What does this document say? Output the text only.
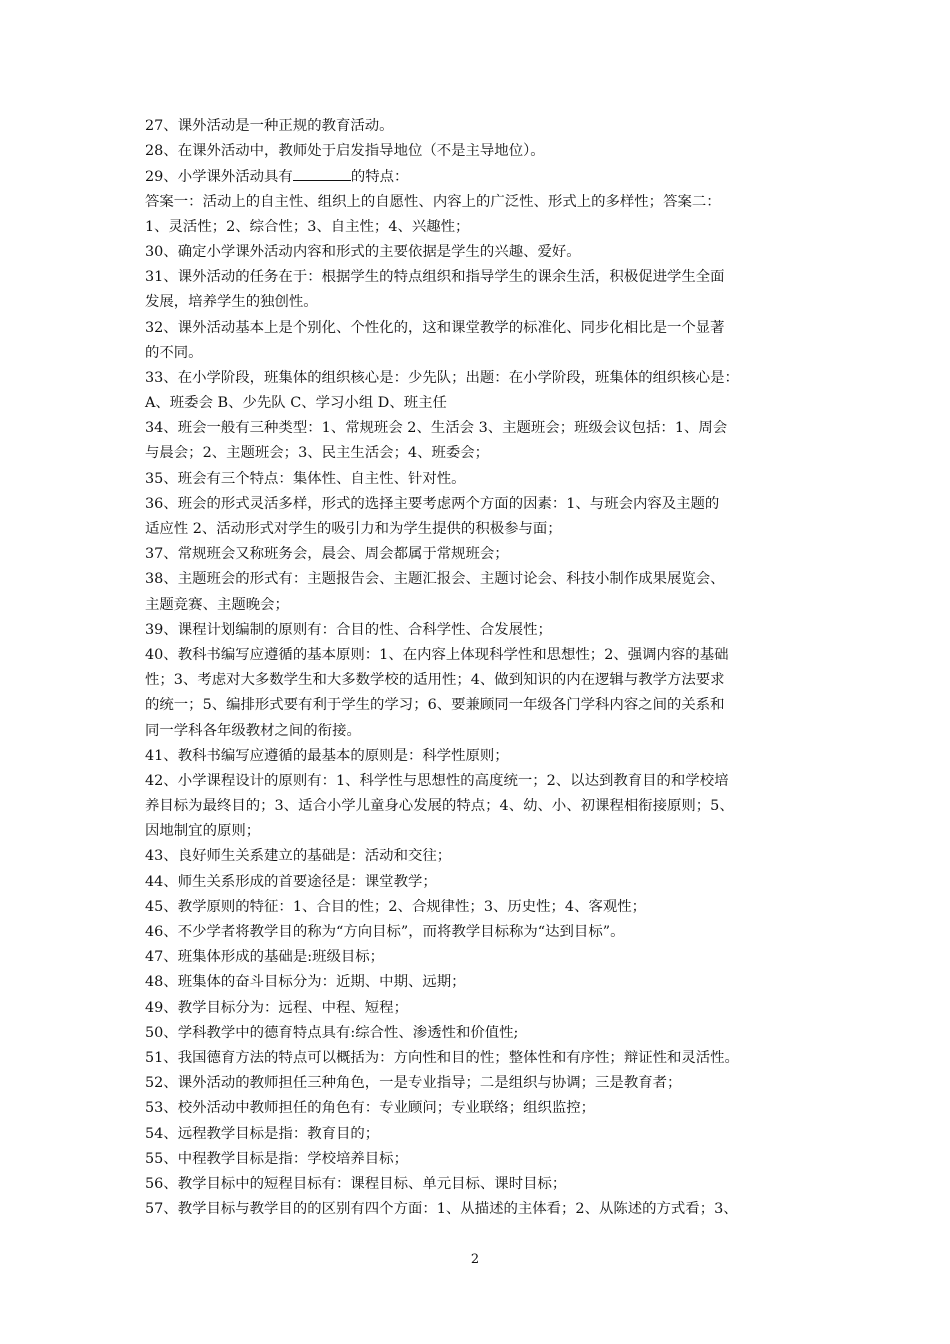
27、课外活动是一种正规的教育活动。
28、在课外活动中，教师处于启发指导地位（不是主导地位）。
29、小学课外活动具有	的特点：
答案一：活动上的自主性、组织上的自愿性、内容上的广泛性、形式上的多样性；答案二：
1、灵活性；2、综合性；3、自主性；4、兴趣性；
30、确定小学课外活动内容和形式的主要依据是学生的兴趣、爱好。
31、课外活动的任务在于：根据学生的特点组织和指导学生的课余生活，积极促进学生全面
发展，培养学生的独创性。
32、课外活动基本上是个别化、个性化的，这和课堂教学的标准化、同步化相比是一个显著
的不同。
33、在小学阶段，班集体的组织核心是：少先队；出题：在小学阶段，班集体的组织核心是：
A、班委会 B、少先队 C、学习小组 D、班主任
34、班会一般有三种类型：1、常规班会 2、生活会 3、主题班会；班级会议包括：1、周会
与晨会；2、主题班会；3、民主生活会；4、班委会；
35、班会有三个特点：集体性、自主性、针对性。
36、班会的形式灵活多样，形式的选择主要考虑两个方面的因素：1、与班会内容及主题的
适应性 2、活动形式对学生的吸引力和为学生提供的积极参与面；
37、常规班会又称班务会，晨会、周会都属于常规班会；
38、主题班会的形式有：主题报告会、主题汇报会、主题讨论会、科技小制作成果展览会、
主题竞赛、主题晚会；
39、课程计划编制的原则有：合目的性、合科学性、合发展性；
40、教科书编写应遵循的基本原则：1、在内容上体现科学性和思想性；2、强调内容的基础
性；3、考虑对大多数学生和大多数学校的适用性；4、做到知识的内在逻辑与教学方法要求
的统一；5、编排形式要有利于学生的学习；6、要兼顾同一年级各门学科内容之间的关系和
同一学科各年级教材之间的衔接。
41、教科书编写应遵循的最基本的原则是：科学性原则；
42、小学课程设计的原则有：1、科学性与思想性的高度统一；2、以达到教育目的和学校培
养目标为最终目的；3、适合小学儿童身心发展的特点；4、幼、小、初课程相衔接原则；5、
因地制宜的原则；
43、良好师生关系建立的基础是：活动和交往；
44、师生关系形成的首要途径是：课堂教学；
45、教学原则的特征：1、合目的性；2、合规律性；3、历史性；4、客观性；
46、不少学者将教学目的称为“方向目标”，而将教学目标称为“达到目标”。
47、班集体形成的基础是:班级目标；
48、班集体的奋斗目标分为：近期、中期、远期；
49、教学目标分为：远程、中程、短程；
50、学科教学中的德育特点具有:综合性、渗透性和价值性;
51、我国德育方法的特点可以概括为：方向性和目的性；整体性和有序性；辩证性和灵活性。
52、课外活动的教师担任三种角色，一是专业指导；二是组织与协调；三是教育者；
53、校外活动中教师担任的角色有：专业顾问；专业联络；组织监控；
54、远程教学目标是指：教育目的；
55、中程教学目标是指：学校培养目标；
56、教学目标中的短程目标有：课程目标、单元目标、课时目标；
57、教学目标与教学目的的区别有四个方面：1、从描述的主体看；2、从陈述的方式看；3、
2
